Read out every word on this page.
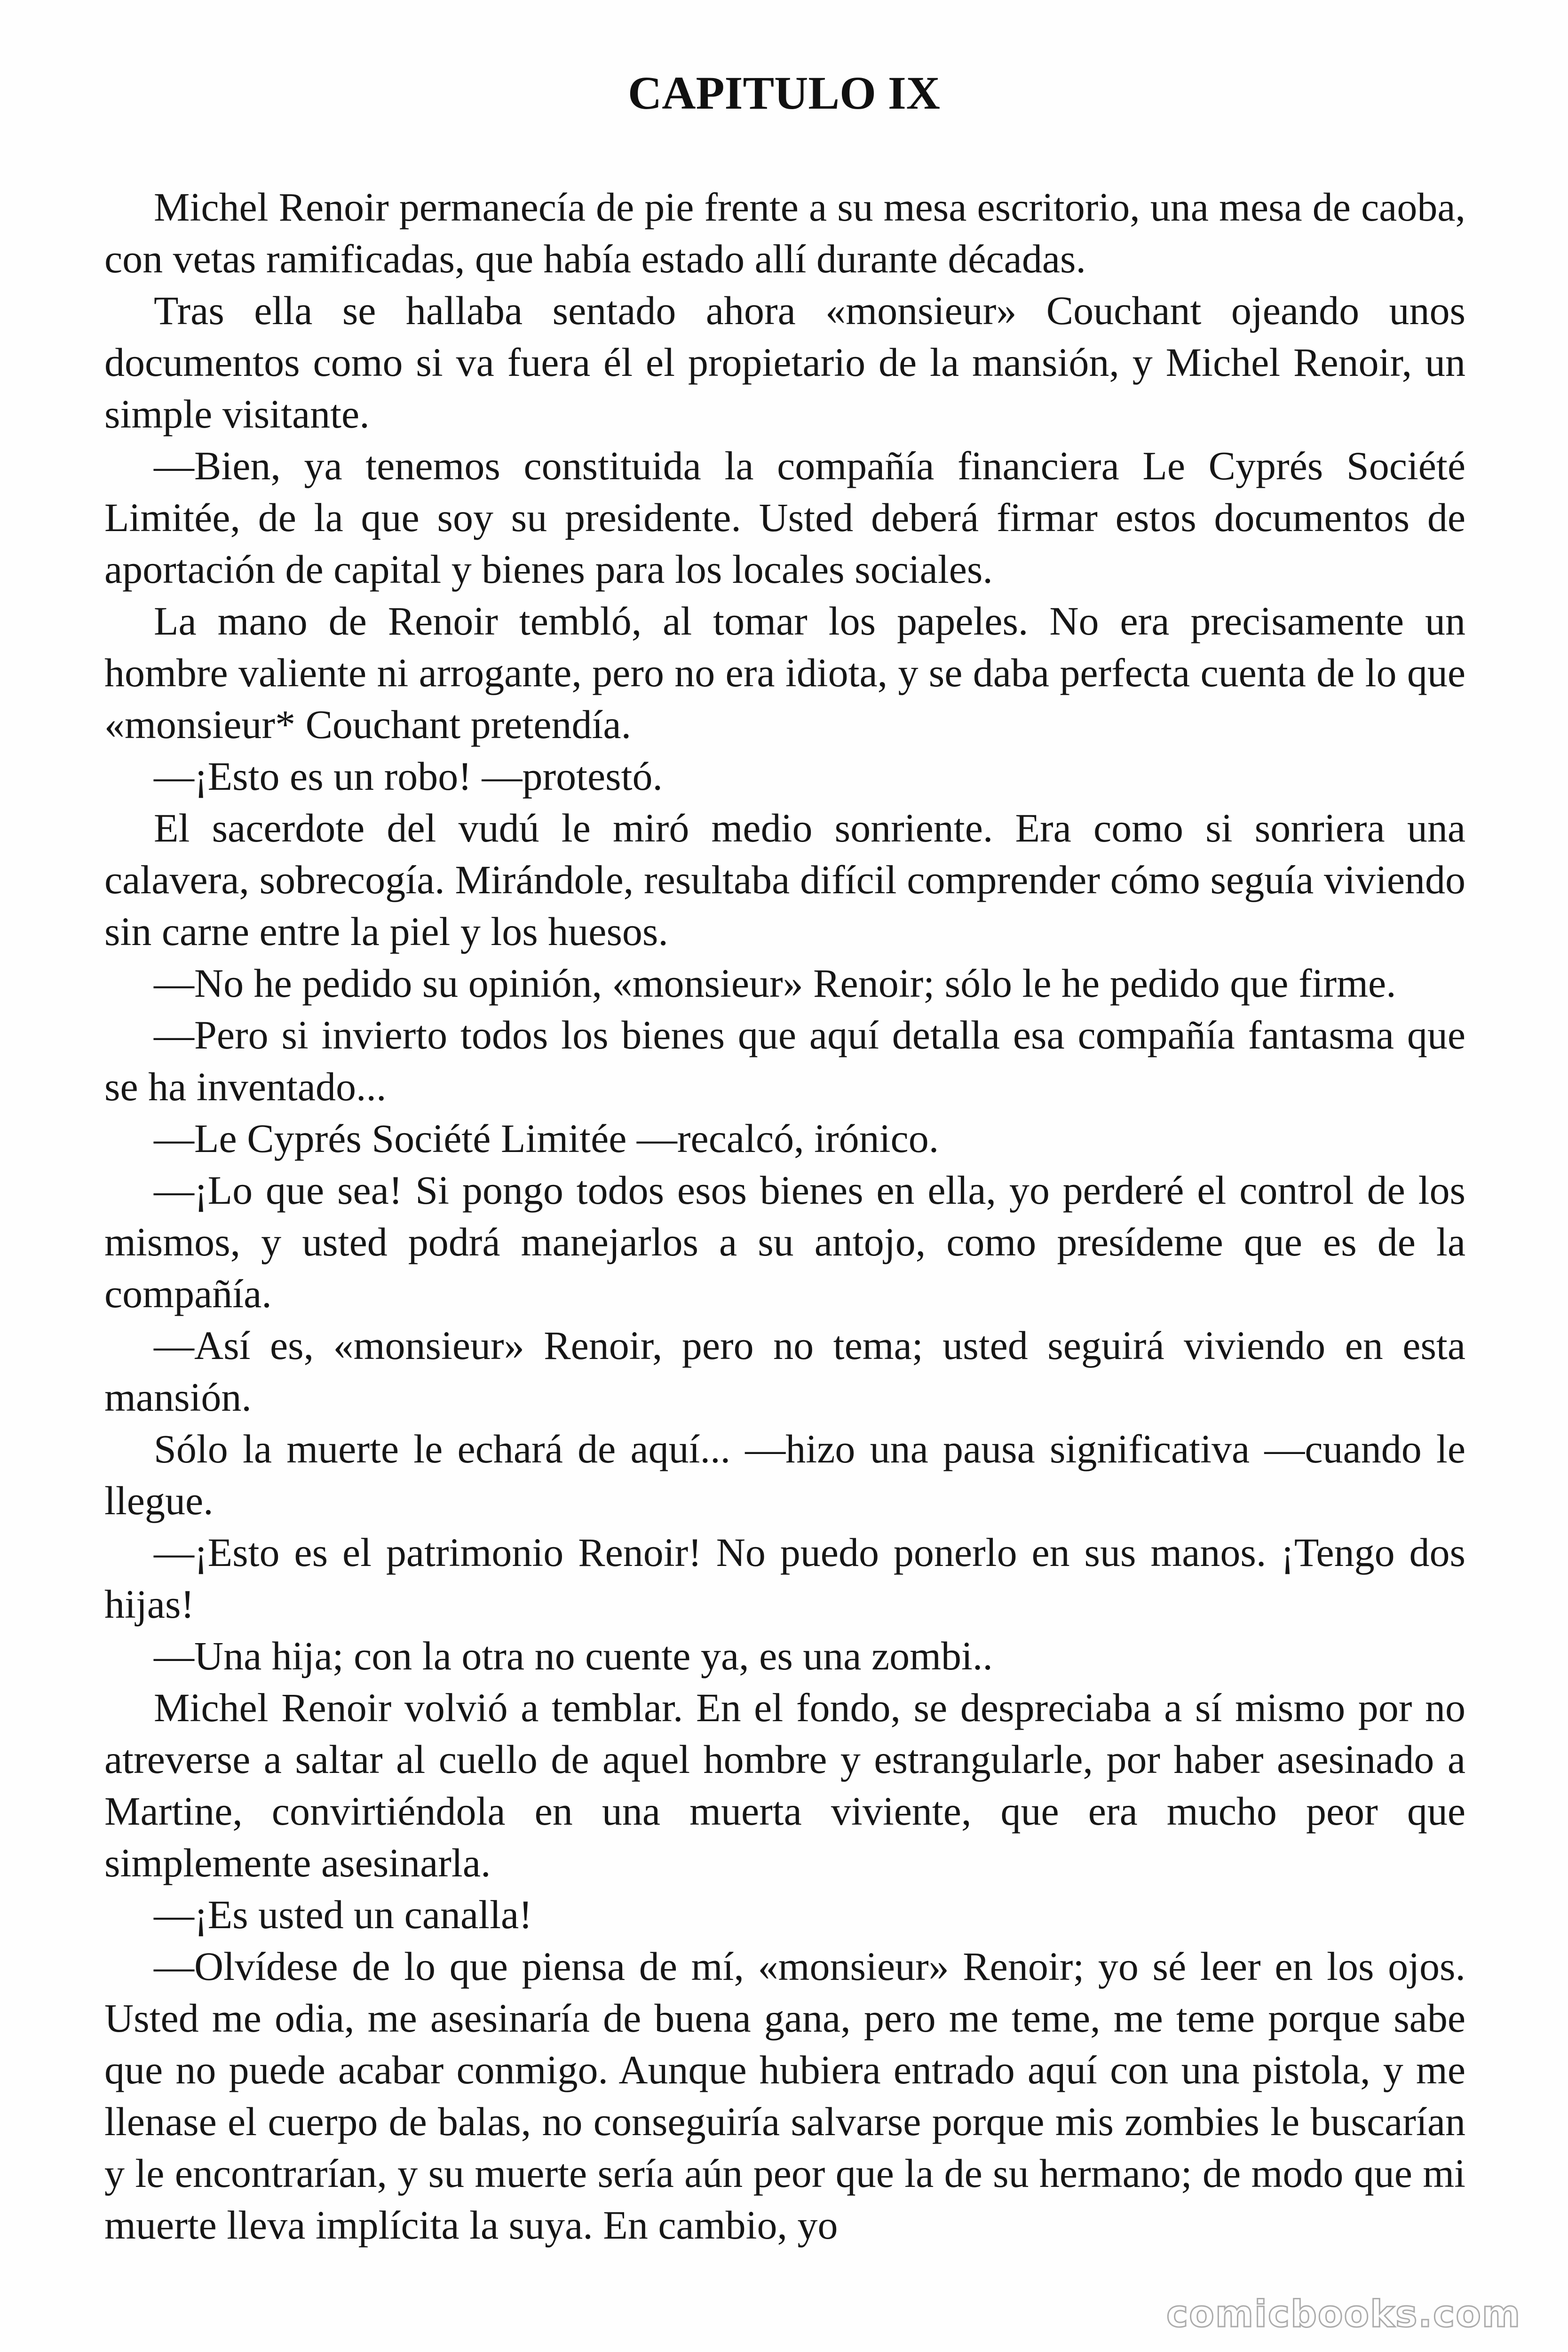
CAPITULO IX

Michel Renoir permanecía de pie frente a su mesa escritorio, una mesa de caoba, con vetas ramificadas, que había estado allí durante décadas.

Tras ella se hallaba sentado ahora «monsieur» Couchant ojeando unos documentos como si va fuera él el propietario de la mansión, y Michel Renoir, un simple visitante.

—Bien, ya tenemos constituida la compañía financiera Le Cyprés Société Limitée, de la que soy su presidente. Usted deberá firmar estos documentos de aportación de capital y bienes para los locales sociales.

La mano de Renoir tembló, al tomar los papeles. No era precisamente un hombre valiente ni arrogante, pero no era idiota, y se daba perfecta cuenta de lo que «monsieur* Couchant pretendía.

—¡Esto es un robo! —protestó.

El sacerdote del vudú le miró medio sonriente. Era como si sonriera una calavera, sobrecogía. Mirándole, resultaba difícil comprender cómo seguía viviendo sin carne entre la piel y los huesos.

—No he pedido su opinión, «monsieur» Renoir; sólo le he pedido que firme.

—Pero si invierto todos los bienes que aquí detalla esa compañía fantasma que se ha inventado...

—Le Cyprés Société Limitée —recalcó, irónico.

—¡Lo que sea! Si pongo todos esos bienes en ella, yo perderé el control de los mismos, y usted podrá manejarlos a su antojo, como presídeme que es de la compañía.

—Así es, «monsieur» Renoir, pero no tema; usted seguirá viviendo en esta mansión.

Sólo la muerte le echará de aquí... —hizo una pausa significativa —cuando le llegue.

—¡Esto es el patrimonio Renoir! No puedo ponerlo en sus manos. ¡Tengo dos hijas!

—Una hija; con la otra no cuente ya, es una zombi..

Michel Renoir volvió a temblar. En el fondo, se despreciaba a sí mismo por no atreverse a saltar al cuello de aquel hombre y estrangularle, por haber asesinado a Martine, convirtiéndola en una muerta viviente, que era mucho peor que simplemente asesinarla.

—¡Es usted un canalla!

—Olvídese de lo que piensa de mí, «monsieur» Renoir; yo sé leer en los ojos. Usted me odia, me asesinaría de buena gana, pero me teme, me teme porque sabe que no puede acabar conmigo. Aunque hubiera entrado aquí con una pistola, y me llenase el cuerpo de balas, no conseguiría salvarse porque mis zombies le buscarían y le encontrarían, y su muerte sería aún peor que la de su hermano; de modo que mi muerte lleva implícita la suya. En cambio, yo

comicbooks.com
